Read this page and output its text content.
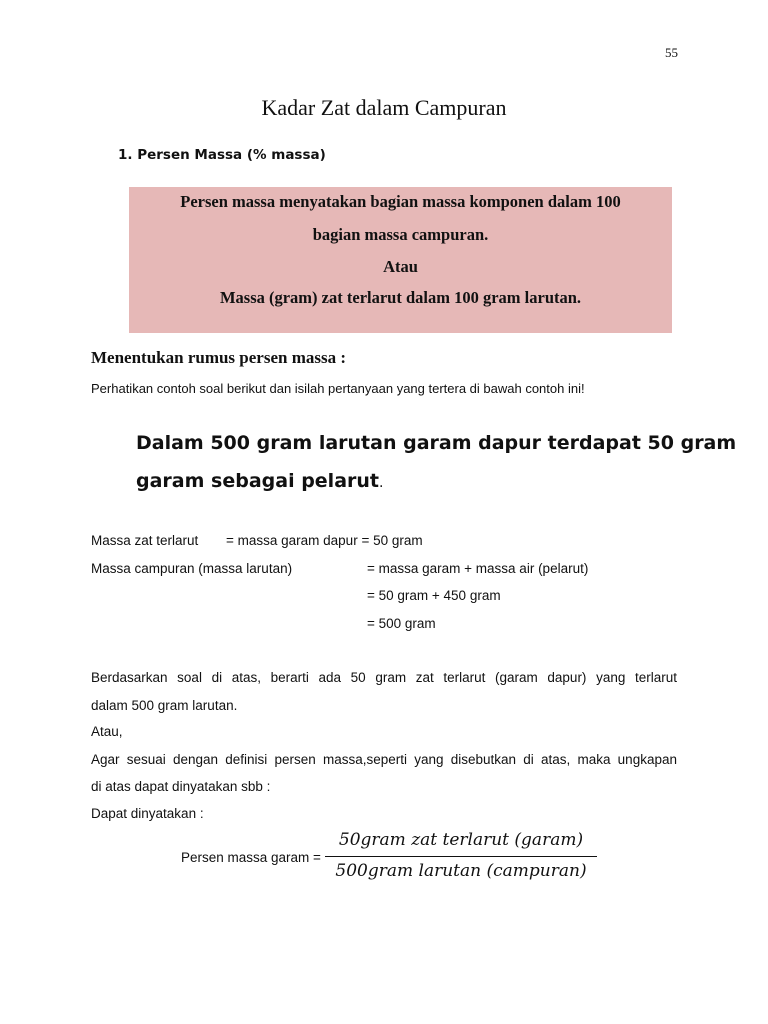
55
Kadar Zat dalam Campuran
1. Persen Massa (% massa)
Persen massa menyatakan bagian massa komponen dalam 100
bagian massa campuran.
Atau
Massa (gram) zat terlarut dalam 100 gram larutan.
Menentukan rumus persen massa :
Perhatikan contoh soal berikut dan isilah pertanyaan yang tertera di bawah contoh ini!
Dalam 500 gram larutan garam dapur terdapat 50 gram
garam sebagai pelarut.
Massa zat terlarut = massa garam dapur = 50 gram
Massa campuran (massa larutan)	= massa garam + massa air (pelarut)
= 50 gram + 450 gram
= 500 gram
Berdasarkan soal di atas, berarti ada 50 gram zat terlarut (garam dapur) yang terlarut
dalam 500 gram larutan.
Atau,
Agar sesuai dengan definisi persen massa,seperti yang disebutkan di atas, maka ungkapan
di atas dapat dinyatakan sbb :
Dapat dinyatakan :
Persen massa garam =
50gram zat terlarut (garam)
500gram larutan (campuran)
